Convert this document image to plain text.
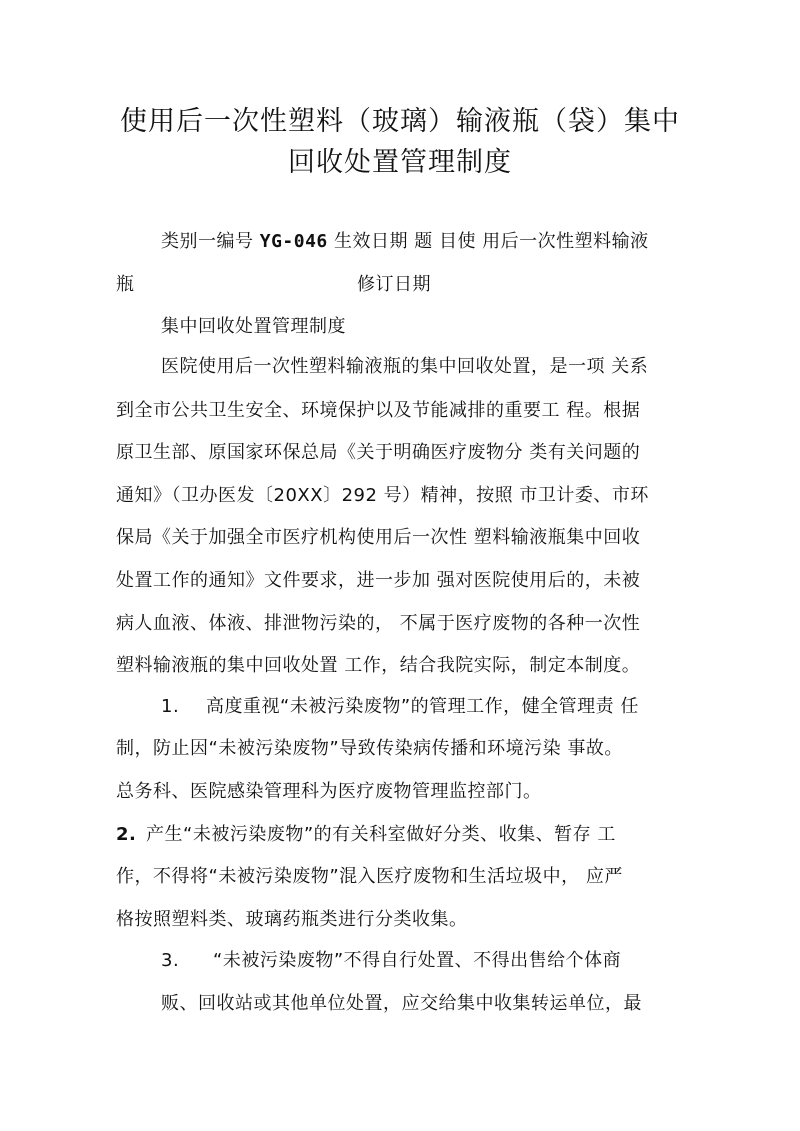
使用后一次性塑料（玻璃）输液瓶（袋）集中
回收处置管理制度
类别一编号 YG-046 生效日期 题 目使 用后一次性塑料输液
瓶	修订日期
集中回收处置管理制度
医院使用后一次性塑料输液瓶的集中回收处置，是一项 关系
到全市公共卫生安全、环境保护以及节能减排的重要工 程。根据
原卫生部、原国家环保总局《关于明确医疗废物分 类有关问题的
通知》（卫办医发〔20XX〕292 号）精神，按照 市卫计委、市环
保局《关于加强全市医疗机构使用后一次性 塑料输液瓶集中回收
处置工作的通知》文件要求，进一步加 强对医院使用后的，未被
病人血液、体液、排泄物污染的， 不属于医疗废物的各种一次性
塑料输液瓶的集中回收处置 工作，结合我院实际，制定本制度。
1. 高度重视“未被污染废物”的管理工作，健全管理责 任
制，防止因“未被污染废物”导致传染病传播和环境污染 事故。
总务科、医院感染管理科为医疗废物管理监控部门。
2. 产生“未被污染废物”的有关科室做好分类、收集、暂存 工
作，不得将“未被污染废物”混入医疗废物和生活垃圾中， 应严
格按照塑料类、玻璃药瓶类进行分类收集。
3. “未被污染废物”不得自行处置、不得出售给个体商
贩、回收站或其他单位处置，应交给集中收集转运单位，最
